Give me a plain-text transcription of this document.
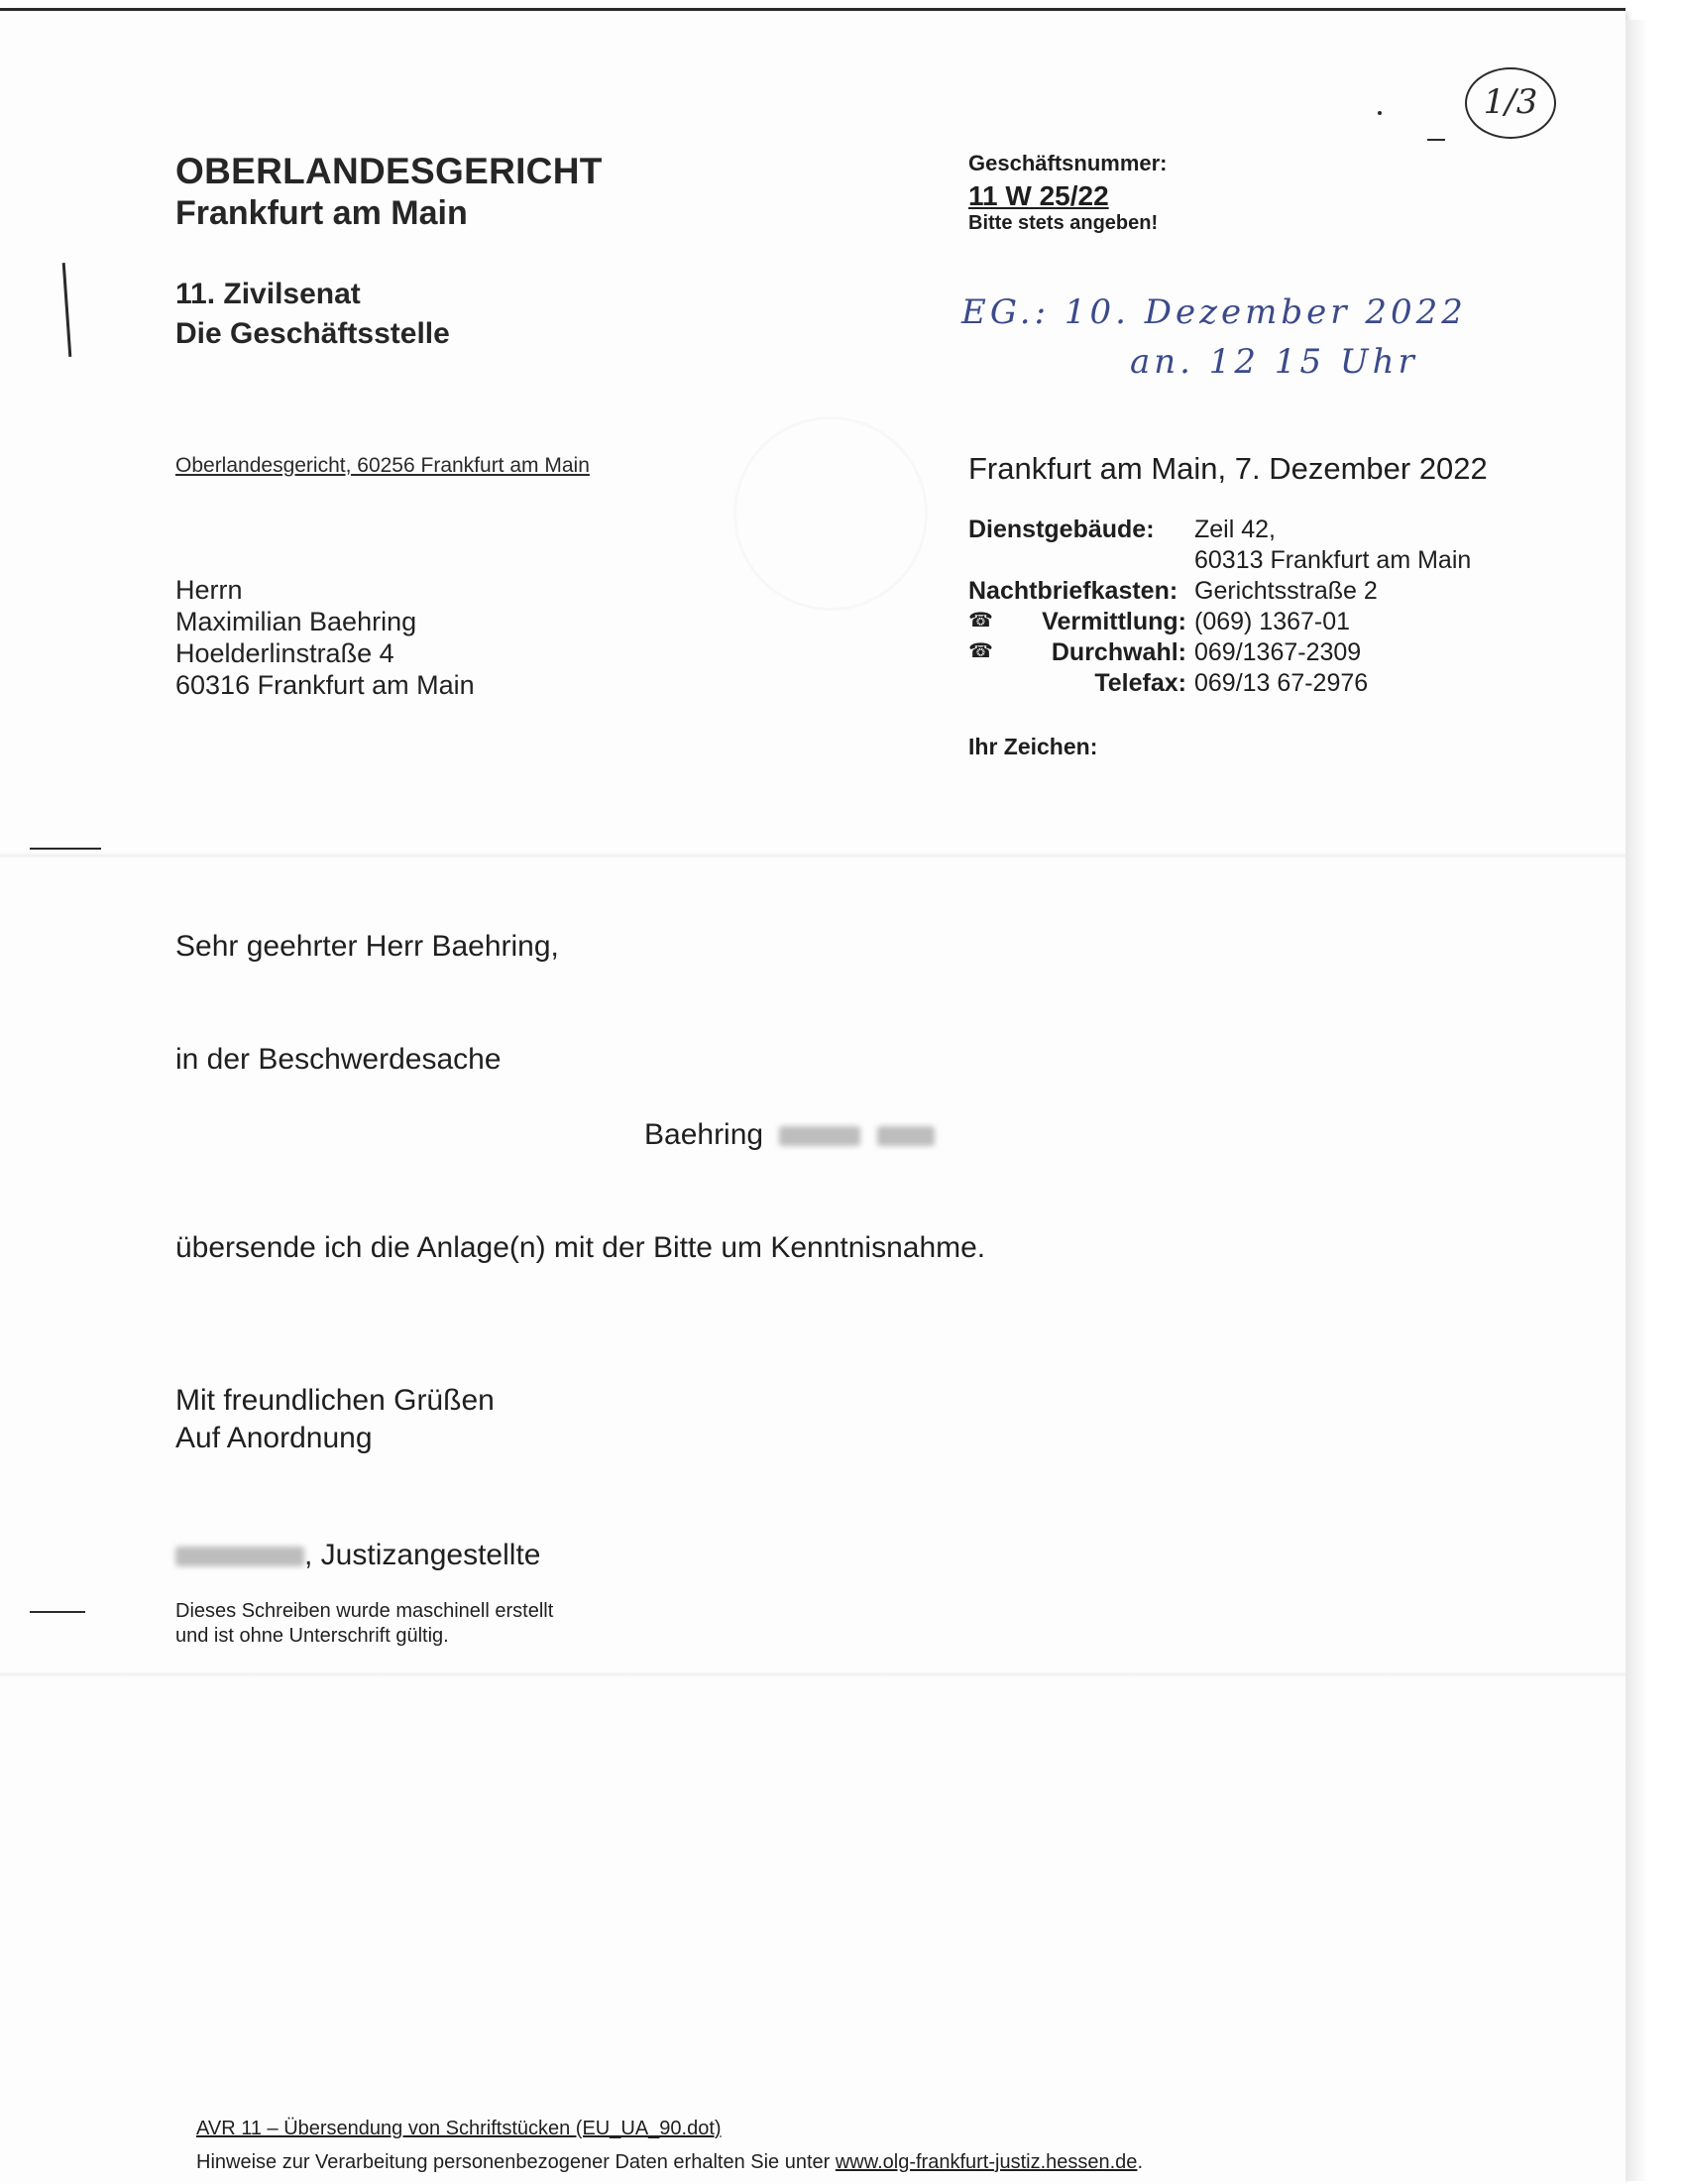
OBERLANDESGERICHT

Frankfurt am Main

11. Zivilsenat

Die Geschäftsstelle

Oberlandesgericht, 60256 Frankfurt am Main

Herrn

Maximilian Baehring

Hoelderlinstraße 4

60316 Frankfurt am Main

Geschäftsnummer:

11 W 25/22

Bitte stets angeben!

1/3

EG.: 10. Dezember 2022

an. 12 15 Uhr

Frankfurt am Main, 7. Dezember 2022

Dienstgebäude: Zeil 42,
60313 Frankfurt am Main
Nachtbriefkasten: Gerichtsstraße 2
☎ Vermittlung: (069) 1367-01
☎ Durchwahl: 069/1367-2309
Telefax: 069/13 67-2976

Ihr Zeichen:

Sehr geehrter Herr Baehring,

in der Beschwerdesache

Baehring

übersende ich die Anlage(n) mit der Bitte um Kenntnisnahme.

Mit freundlichen Grüßen

Auf Anordnung

, Justizangestellte

Dieses Schreiben wurde maschinell erstellt

und ist ohne Unterschrift gültig.

AVR 11 – Übersendung von Schriftstücken (EU_UA_90.dot)

Hinweise zur Verarbeitung personenbezogener Daten erhalten Sie unter www.olg-frankfurt-justiz.hessen.de.
